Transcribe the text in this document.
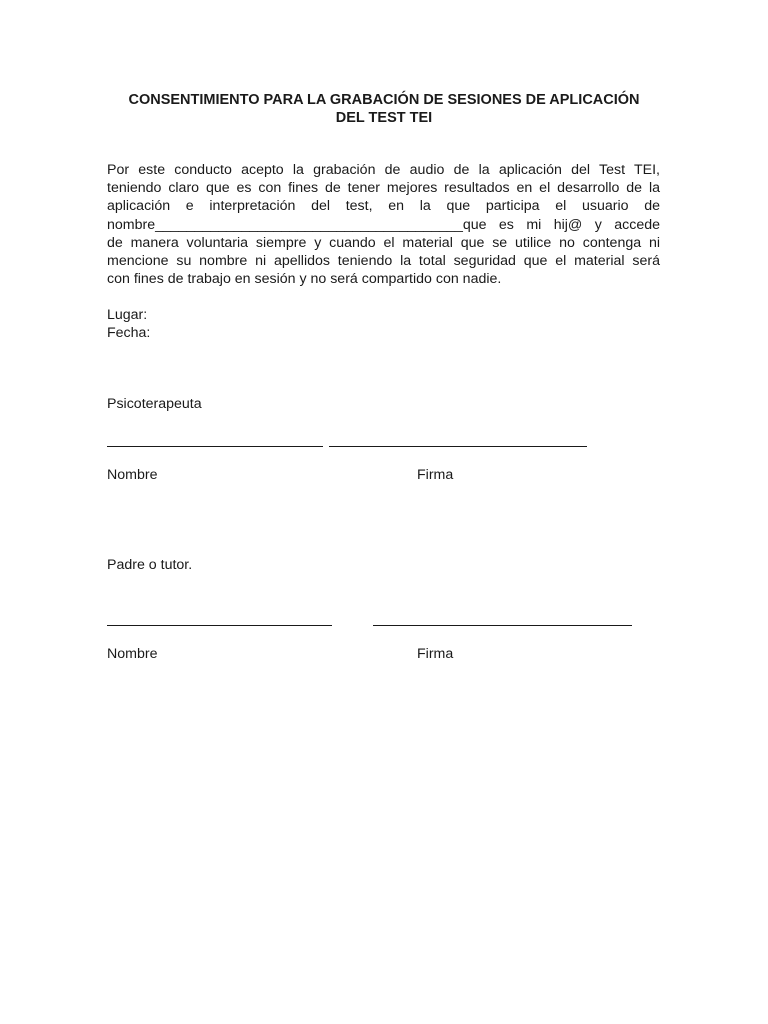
CONSENTIMIENTO PARA LA GRABACIÓN DE SESIONES DE APLICACIÓN
DEL TEST TEI
Por este conducto acepto la grabación de audio de la aplicación del Test TEI,
teniendo claro que es con fines de tener mejores resultados en el desarrollo de la
aplicación e interpretación del test, en la que participa el usuario de
nombre_______________________________________que es mi hij@ y accede
de manera voluntaria siempre y cuando el material que se utilice no contenga ni
mencione su nombre ni apellidos teniendo la total seguridad que el material será
con fines de trabajo en sesión y no será compartido con nadie.

Lugar:

Fecha:

Psicoterapeuta

Nombre	Firma

Padre o tutor.

Nombre	Firma
